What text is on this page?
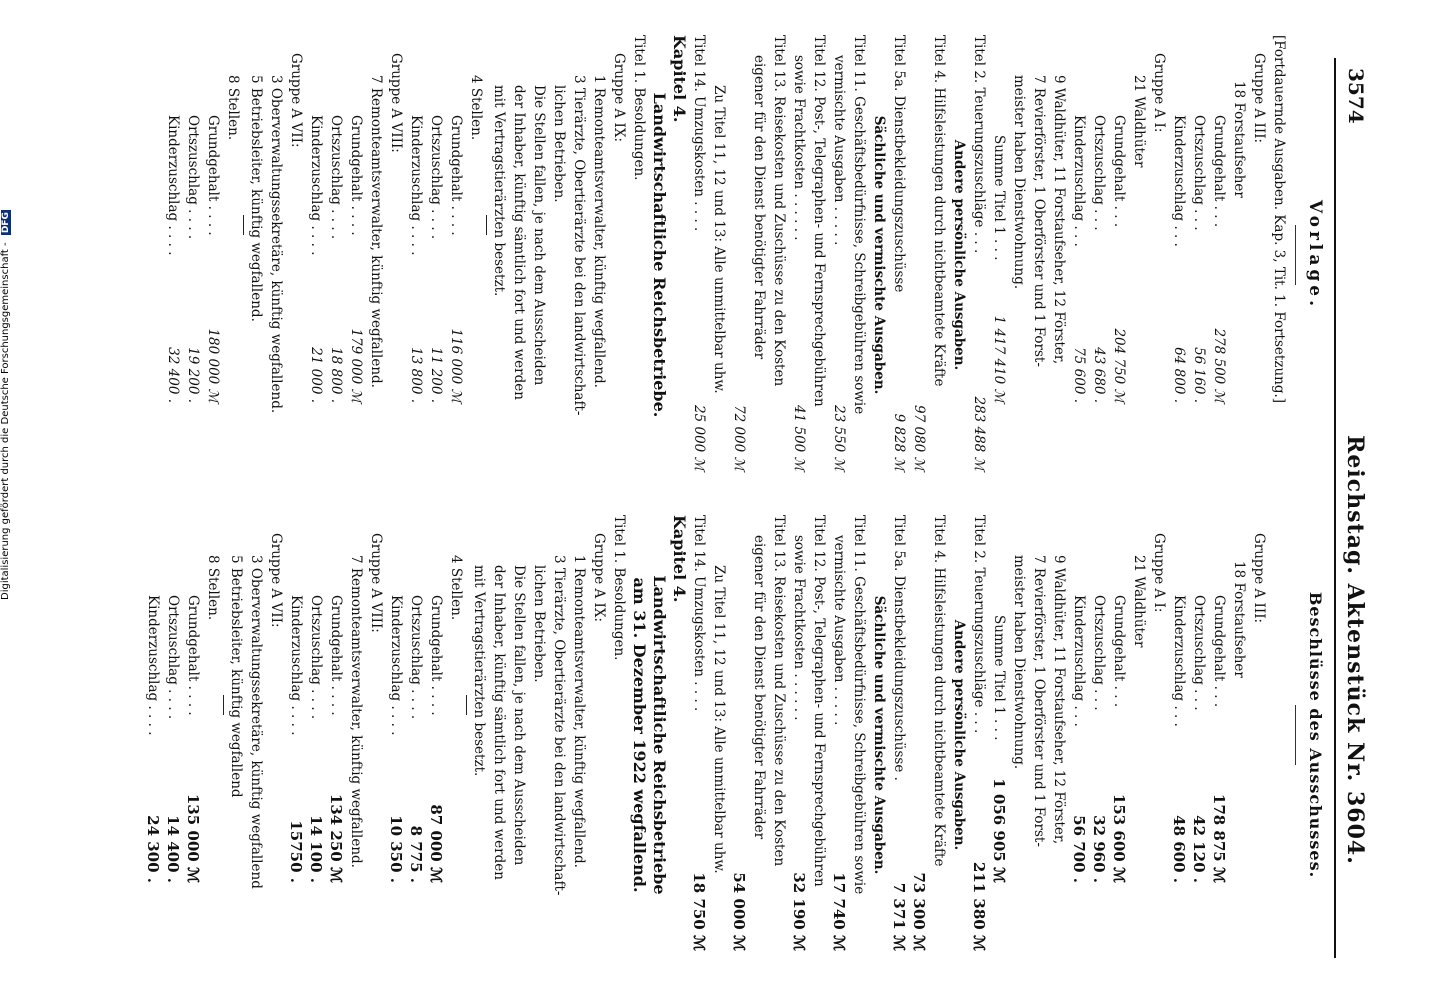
3574
Reichstag. Aktenstück Nr. 3604.
Vorlage.
[Fortdauernde Ausgaben. Kap. 3, Tit. 1. Fortsetzung.]
Gruppe A III:
18 Forstaufseher
Grundgehalt . . .
278 500 ℳ
Ortszuschlag . . .
56 160 .
Kinderzuschlag . . .
64 800 .
Gruppe A I:
21 Waldhüter
Grundgehalt . . .
204 750 ℳ
Ortszuschlag . . .
43 680 .
Kinderzuschlag . . .
75 600 .
9 Waldhüter, 11 Forstaufseher, 12 Förster,
7 Revierförster, 1 Oberförster und 1 Forst-
meister haben Dienstwohnung.
Summe Titel 1 . . .
1 417 410 ℳ
Titel 2. Teuerungszuschläge . . .
283 488 ℳ
Andere persönliche Ausgaben.
Titel 4. Hilfsleistungen durch nichtbeamtete Kräfte
97 080 ℳ
Titel 5a. Dienstbekleidungszuschüsse
9 828 ℳ
Sächliche und vermischte Ausgaben.
Titel 11. Geschäftsbedürfnisse, Schreibgebühren sowie
vermischte Ausgaben . . . . .
23 550 ℳ
Titel 12. Post-, Telegraphen- und Fernsprechgebühren
sowie Frachtkosten . . . . . .
41 500 ℳ
Titel 13. Reisekosten und Zuschüsse zu den Kosten
eigener für den Dienst benötigter Fahrräder
72 000 ℳ
Zu Titel 11, 12 und 13: Alle unmittelbar uhw.
Titel 14. Umzugskosten . . . .
25 000 ℳ
Kapitel 4.
Landwirtschaftliche Reichsbetriebe.
Titel 1. Besoldungen.
Gruppe A IX:
1 Remonteamtsverwalter, künftig wegfallend.
3 Tierärzte, Obertierärzte bei den landwirtschaft-
lichen Betrieben.
Die Stellen fallen, je nach dem Ausscheiden
der Inhaber, künftig sämtlich fort und werden
mit Vertragstierärzten besetzt.
4 Stellen.
Grundgehalt . . . .
116 000 ℳ
Ortszuschlag . . . .
11 200 .
Kinderzuschlag . . . .
13 800 .
Gruppe A VIII:
7 Remonteamtsverwalter, künftig wegfallend.
Grundgehalt . . . .
179 000 ℳ
Ortszuschlag . . . .
18 800 .
Kinderzuschlag . . . .
21 000 .
Gruppe A VII:
3 Oberverwaltungssekretäre, künftig wegfallend.
5 Betriebsleiter, künftig wegfallend.
8 Stellen.
Grundgehalt . . . .
180 000 ℳ
Ortszuschlag . . . .
19 200 .
Kinderzuschlag . . . .
32 400 .
Beschlüsse des Ausschusses.
Gruppe A III:
18 Forstaufseher
Grundgehalt . . .
178 875 ℳ
Ortszuschlag . . .
42 120 .
Kinderzuschlag . . .
48 600 .
Gruppe A I:
21 Waldhüter
Grundgehalt . . .
153 600 ℳ
Ortszuschlag . . .
32 960 .
Kinderzuschlag . . .
56 700 .
9 Waldhüter, 11 Forstaufseher, 12 Förster,
7 Revierförster, 1 Oberförster und 1 Forst-
meister haben Dienstwohnung.
Summe Titel 1 . . .
1 056 905 ℳ
Titel 2. Teuerungszuschläge . . .
211 380 ℳ
Andere persönliche Ausgaben.
Titel 4. Hilfsleistungen durch nichtbeamtete Kräfte
73 300 ℳ
Titel 5a. Dienstbekleidungszuschüsse .
7 371 ℳ
Sächliche und vermischte Ausgaben.
Titel 11. Geschäftsbedürfnisse, Schreibgebühren sowie
vermischte Ausgaben . . . . .
17 740 ℳ
Titel 12. Post-, Telegraphen- und Fernsprechgebühren
sowie Frachtkosten . . . . . .
32 190 ℳ
Titel 13. Reisekosten und Zuschüsse zu den Kosten
eigener für den Dienst benötigter Fahrräder
54 000 ℳ
Zu Titel 11, 12 und 13: Alle unmittelbar uhw.
Titel 14. Umzugskosten . . . .
18 750 ℳ
Kapitel 4.
Landwirtschaftliche Reichsbetriebe
am 31. Dezember 1922 wegfallend.
Titel 1. Besoldungen.
Gruppe A IX:
1 Remonteamtsverwalter, künftig wegfallend.
3 Tierärzte, Obertierärzte bei den landwirtschaft-
lichen Betrieben.
Die Stellen fallen, je nach dem Ausscheiden
der Inhaber, künftig sämtlich fort und werden
mit Vertragstierärzten besetzt.
4 Stellen.
Grundgehalt . . . .
87 000 ℳ
Ortszuschlag . . . .
8 775 .
Kinderzuschlag . . . .
10 350 .
Gruppe A VIII:
7 Remonteamtsverwalter, künftig wegfallend.
Grundgehalt . . . .
134 250 ℳ
Ortszuschlag . . . .
14 100 .
Kinderzuschlag . . . .
15750 .
Gruppe A VII:
3 Oberverwaltungssekretäre, künftig wegfallend
5 Betriebsleiter, künftig wegfallend
8 Stellen.
Grundgehalt . . . .
135 000 ℳ
Ortszuschlag . . . .
14 400 .
Kinderzuschlag . . . .
24 300 .
Digitalisierung gefördert durch die Deutsche Forschungsgemeinschaft - DFG
